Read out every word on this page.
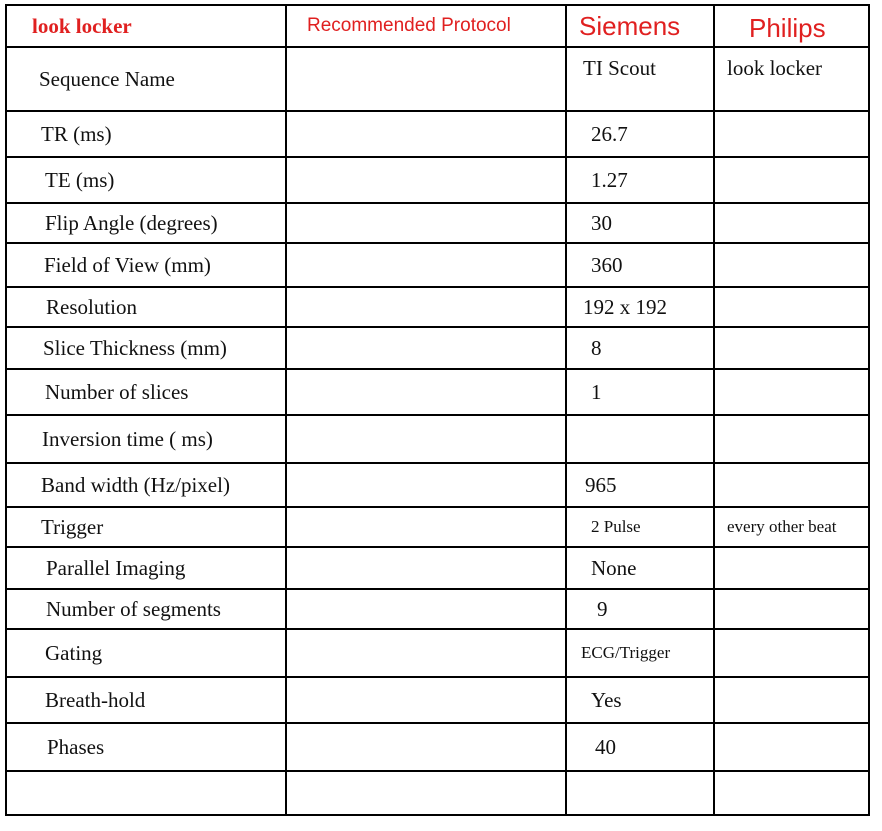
look locker	Recommended Protocol	Siemens	Philips
Sequence Name		TI Scout	look locker
TR (ms)		26.7	
TE (ms)		1.27	
Flip Angle (degrees)		30	
Field of View (mm)		360	
Resolution		192 x 192	
Slice Thickness (mm)		8	
Number of slices		1	
Inversion time ( ms)			
Band width (Hz/pixel)		965	
Trigger		2 Pulse	every other beat
Parallel Imaging		None	
Number of segments		9	
Gating		ECG/Trigger	
Breath-hold		Yes	
Phases		40	
